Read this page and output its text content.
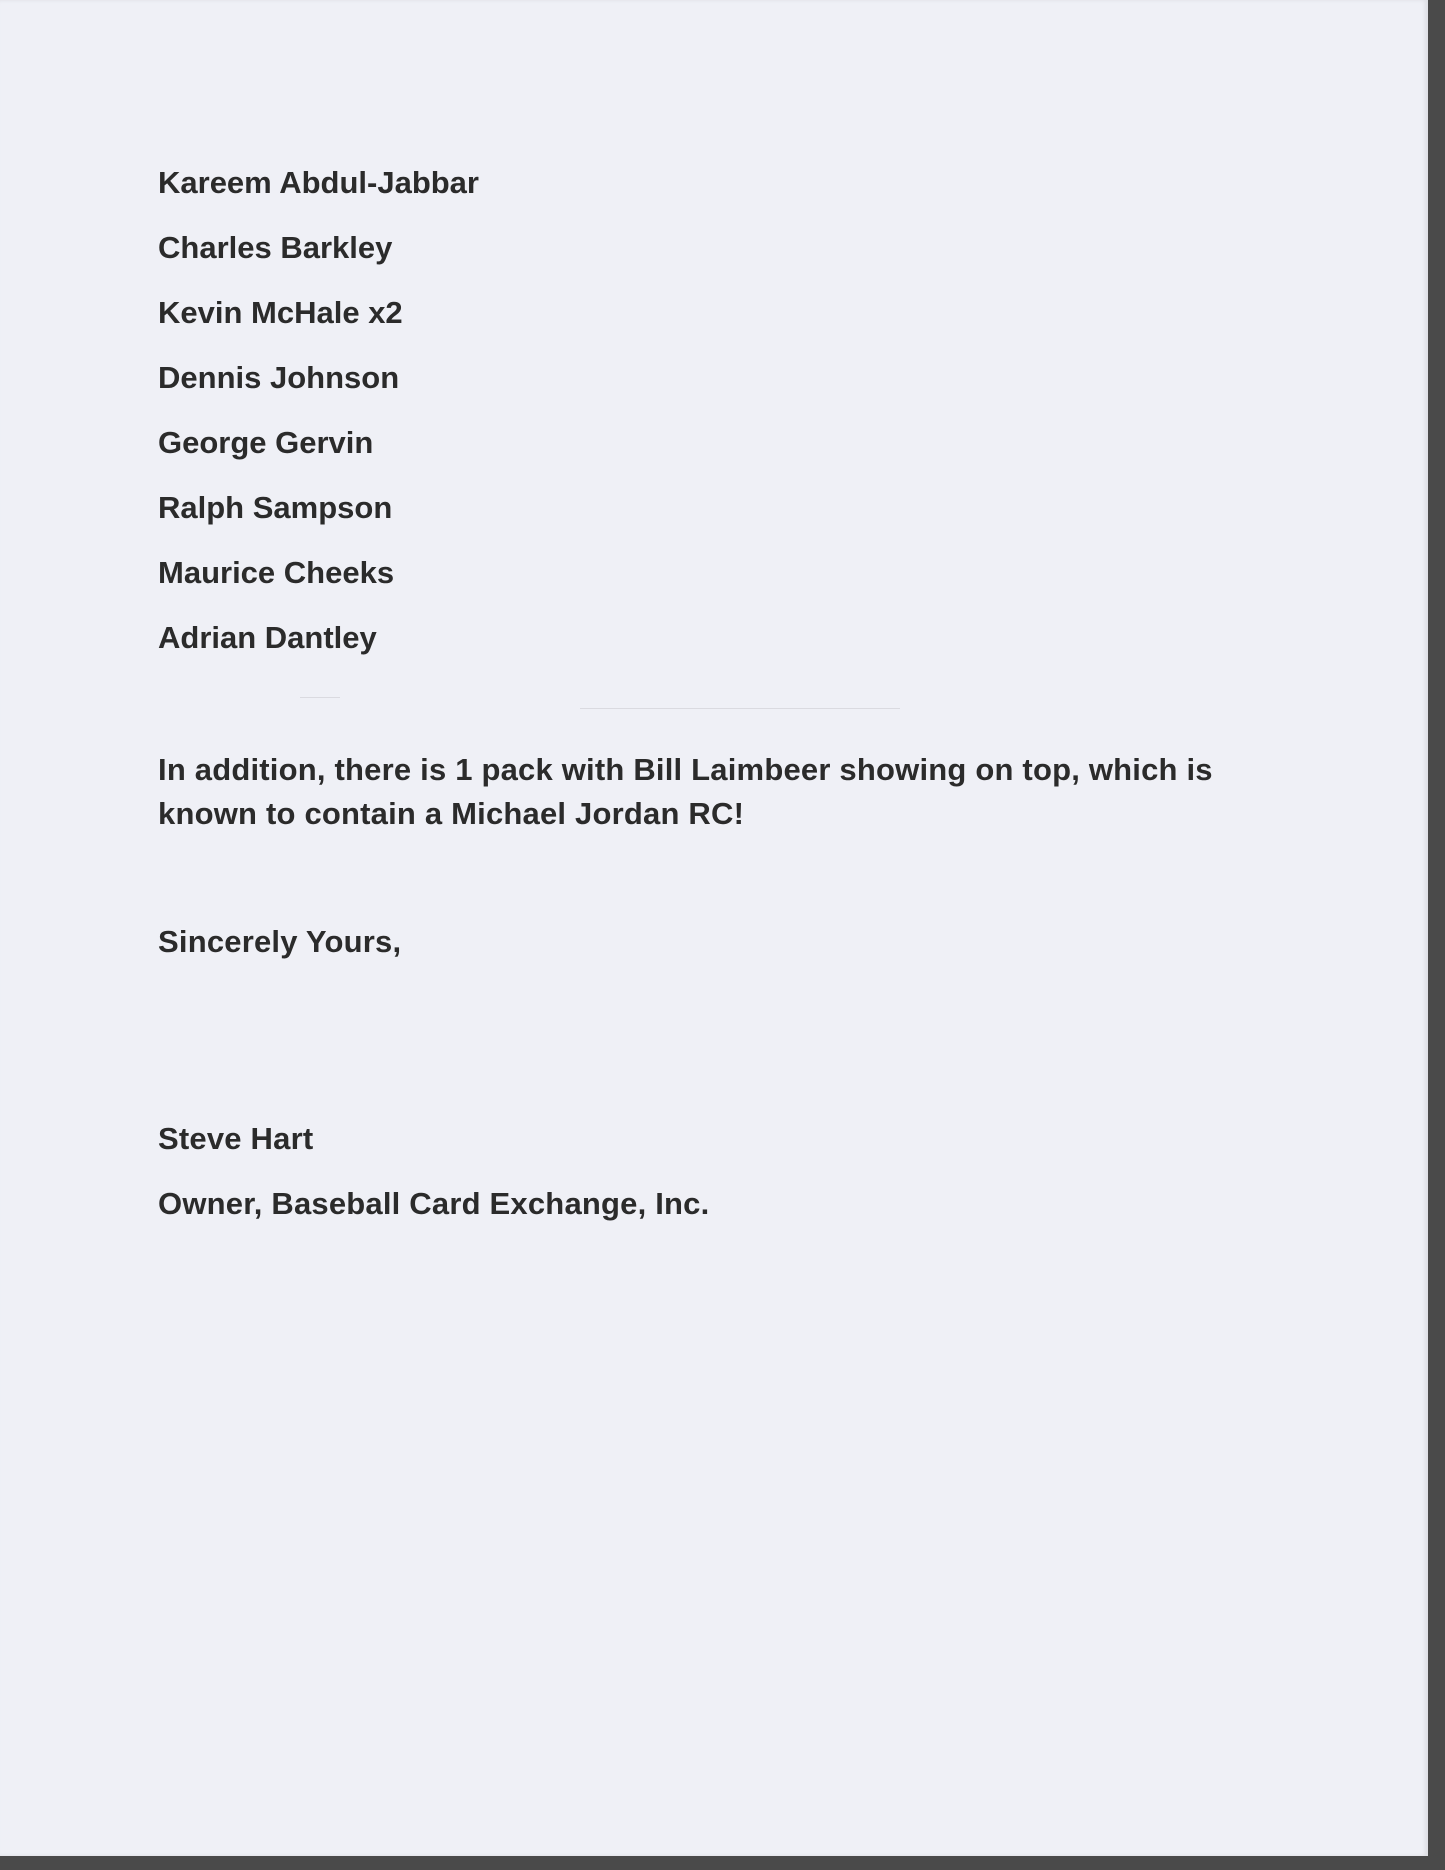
Kareem Abdul-Jabbar
Charles Barkley
Kevin McHale x2
Dennis Johnson
George Gervin
Ralph Sampson
Maurice Cheeks
Adrian Dantley
In addition, there is 1 pack with Bill Laimbeer showing on top, which is known to contain a Michael Jordan RC!
Sincerely Yours,
Steve Hart
Owner, Baseball Card Exchange, Inc.
